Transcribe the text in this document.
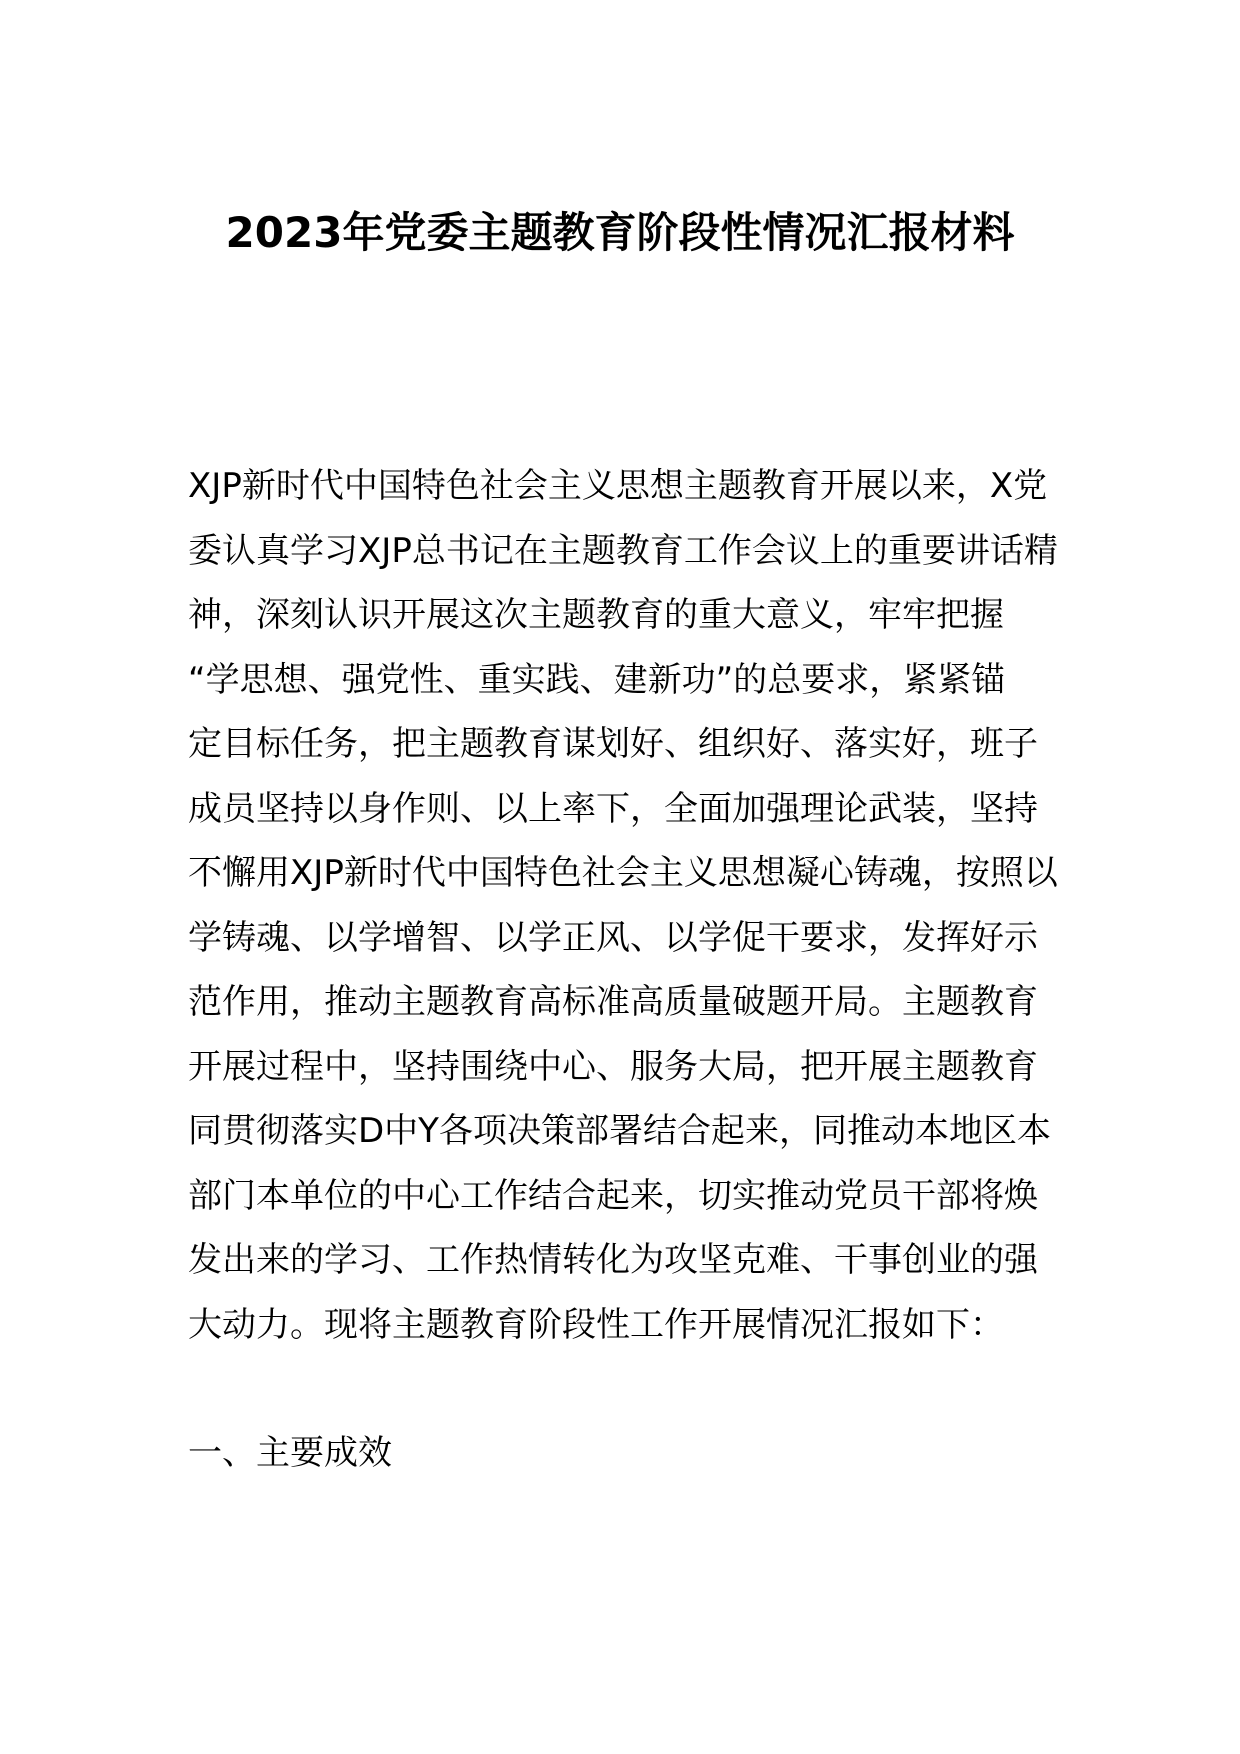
2023年党委主题教育阶段性情况汇报材料
XJP新时代中国特色社会主义思想主题教育开展以来，X党
委认真学习XJP总书记在主题教育工作会议上的重要讲话精
神，深刻认识开展这次主题教育的重大意义，牢牢把握
“学思想、强党性、重实践、建新功”的总要求，紧紧锚
定目标任务，把主题教育谋划好、组织好、落实好，班子
成员坚持以身作则、以上率下，全面加强理论武装，坚持
不懈用XJP新时代中国特色社会主义思想凝心铸魂，按照以
学铸魂、以学增智、以学正风、以学促干要求，发挥好示
范作用，推动主题教育高标准高质量破题开局。主题教育
开展过程中，坚持围绕中心、服务大局，把开展主题教育
同贯彻落实D中Y各项决策部署结合起来，同推动本地区本
部门本单位的中心工作结合起来，切实推动党员干部将焕
发出来的学习、工作热情转化为攻坚克难、干事创业的强
大动力。现将主题教育阶段性工作开展情况汇报如下：
一、主要成效
